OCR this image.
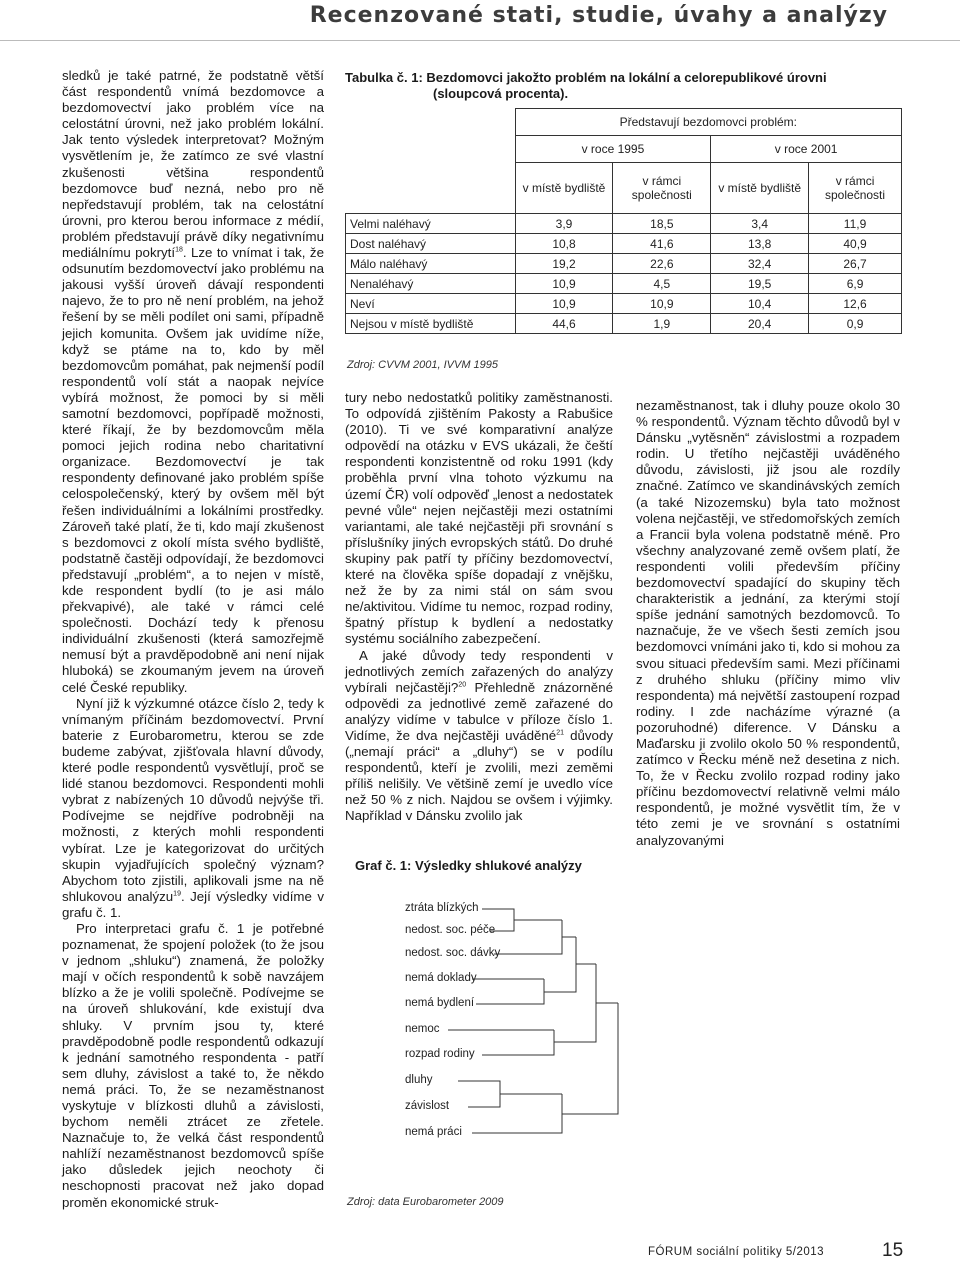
Recenzované stati, studie, úvahy a analýzy

sledků je také patrné, že podstatně větší část respondentů vnímá bezdomovce a bezdomovectví jako problém více na celostátní úrovni, než jako problém lokální. Jak tento výsledek interpretovat? Možným vysvětlením je, že zatímco ze své vlastní zkušenosti většina respondentů bezdomovce buď nezná, nebo pro ně nepředstavují problém, tak na celostátní úrovni, pro kterou berou informace z médií, problém představují právě díky negativnímu mediálnímu pokrytí$^{18}$. Lze to vnímat i tak, že odsunutím bezdomovectví jako problému na jakousi vyšší úroveň dávají respondenti najevo, že to pro ně není problém, na jehož řešení by se měli podílet oni sami, případně jejich komunita. Ovšem jak uvidíme níže, když se ptáme na to, kdo by měl bezdomovcům pomáhat, pak nejmenší podíl respondentů volí stát a naopak nejvíce vybírá možnost, že pomoci by si měli samotní bezdomovci, popřípadě možnosti, které říkají, že by bezdomovcům měla pomoci jejich rodina nebo charitativní organizace. Bezdomovectví je tak respondenty definované jako problém spíše celospolečenský, který by ovšem měl být řešen individuálními a lokálními prostředky. Zároveň také platí, že ti, kdo mají zkušenost s bezdomovci z okolí místa svého bydliště, podstatně častěji odpovídají, že bezdomovci představují „problém“, a to nejen v místě, kde respondent bydlí (to je asi málo překvapivé), ale také v rámci celé společnosti. Dochází tedy k přenosu individuální zkušenosti (která samozřejmě nemusí být a pravděpodobně ani není nijak hluboká) se zkoumaným jevem na úroveň celé České republiky.

Nyní již k výzkumné otázce číslo 2, tedy k vnímaným příčinám bezdomovectví. První baterie z Eurobarometru, kterou se zde budeme zabývat, zjišťovala hlavní důvody, které podle respondentů vysvětlují, proč se lidé stanou bezdomovci. Respondenti mohli vybrat z nabízených 10 důvodů nejvýše tři. Podívejme se nejdříve podrobněji na možnosti, z kterých mohli respondenti vybírat. Lze je kategorizovat do určitých skupin vyjadřujících společný význam? Abychom toto zjistili, aplikovali jsme na ně shlukovou analýzu$^{19}$. Její výsledky vidíme v grafu č. 1.

Pro interpretaci grafu č. 1 je potřebné poznamenat, že spojení položek (to že jsou v jednom „shluku“) znamená, že položky mají v očích respondentů k sobě navzájem blízko a že je volili společně. Podívejme se na úroveň shlukování, kde existují dva shluky. V prvním jsou ty, které pravděpodobně podle respondentů odkazují k jednání samotného respondenta - patří sem dluhy, závislost a také to, že někdo nemá práci. To, že se nezaměstnanost vyskytuje v blízkosti dluhů a závislosti, bychom neměli ztrácet ze zřetele. Naznačuje to, že velká část respondentů nahlíží nezaměstnanost bezdomovců spíše jako důsledek jejich neochoty či neschopnosti pracovat než jako dopad proměn ekonomické struk-

Tabulka č. 1: Bezdomovci jakožto problém na lokální a celorepublikové úrovni
(sloupcová procenta).
	Představují bezdomovci problém:			
	v roce 1995		v roce 2001	
	v místě bydliště	v rámci společnosti	v místě bydliště	v rámci společnosti
Velmi naléhavý	3,9	18,5	3,4	11,9
Dost naléhavý	10,8	41,6	13,8	40,9
Málo naléhavý	19,2	22,6	32,4	26,7
Nenaléhavý	10,9	4,5	19,5	6,9
Neví	10,9	10,9	10,4	12,6
Nejsou v místě bydliště	44,6	1,9	20,4	0,9
Zdroj: CVVM 2001, IVVM 1995

tury nebo nedostatků politiky zaměstnanosti. To odpovídá zjištěním Pakosty a Rabušice (2010). Ti ve své komparativní analýze odpovědí na otázku v EVS ukázali, že čeští respondenti konzistentně od roku 1991 (kdy proběhla první vlna tohoto výzkumu na území ČR) volí odpověď „lenost a nedostatek pevné vůle“ nejen nejčastěji mezi ostatními variantami, ale také nejčastěji při srovnání s příslušníky jiných evropských států. Do druhé skupiny pak patří ty příčiny bezdomovectví, které na člověka spíše dopadají z vnějšku, než že by za nimi stál on sám svou ne/aktivitou. Vidíme tu nemoc, rozpad rodiny, špatný přístup k bydlení a nedostatky systému sociálního zabezpečení.

A jaké důvody tedy respondenti v jednotlivých zemích zařazených do analýzy vybírali nejčastěji?$^{20}$ Přehledně znázorněné odpovědi za jednotlivé země zařazené do analýzy vidíme v tabulce v příloze číslo 1. Vidíme, že dva nejčastěji uváděné$^{21}$ důvody („nemají práci“ a „dluhy“) se v podílu respondentů, kteří je zvolili, mezi zeměmi příliš nelišily. Ve většině zemí je uvedlo více než 50 % z nich. Najdou se ovšem i výjimky. Například v Dánsku zvolilo jak

nezaměstnanost, tak i dluhy pouze okolo 30 % respondentů. Význam těchto důvodů byl v Dánsku „vytěsněn“ závislostmi a rozpadem rodin. U třetího nejčastěji uváděného důvodu, závislosti, již jsou ale rozdíly značné. Zatímco ve skandinávských zemích (a také Nizozemsku) byla tato možnost volena nejčastěji, ve středomořských zemích a Francii byla volena podstatně méně. Pro všechny analyzované země ovšem platí, že respondenti volili především příčiny bezdomovectví spadající do skupiny těch charakteristik a jednání, za kterými stojí spíše jednání samotných bezdomovců. To naznačuje, že ve všech šesti zemích jsou bezdomovci vnímáni jako ti, kdo si mohou za svou situaci především sami. Mezi příčinami z druhého shluku (příčiny mimo vliv respondenta) má největší zastoupení rozpad rodiny. I zde nacházíme výrazné (a pozoruhodné) diference. V Dánsku a Maďarsku ji zvolilo okolo 50 % respondentů, zatímco v Řecku méně než desetina z nich. To, že v Řecku zvolilo rozpad rodiny jako příčinu bezdomovectví relativně velmi málo respondentů, je možné vysvětlit tím, že v této zemi je ve srovnání s ostatními analyzovanými

Graf č. 1: Výsledky shlukové analýzy
ztráta blízkých
nedost. soc. péče
nedost. soc. dávky
nemá doklady
nemá bydlení
nemoc
rozpad rodiny
dluhy
závislost
nemá práci
Zdroj: data Eurobarometer 2009
FÓRUM sociální politiky 5/2013	15
